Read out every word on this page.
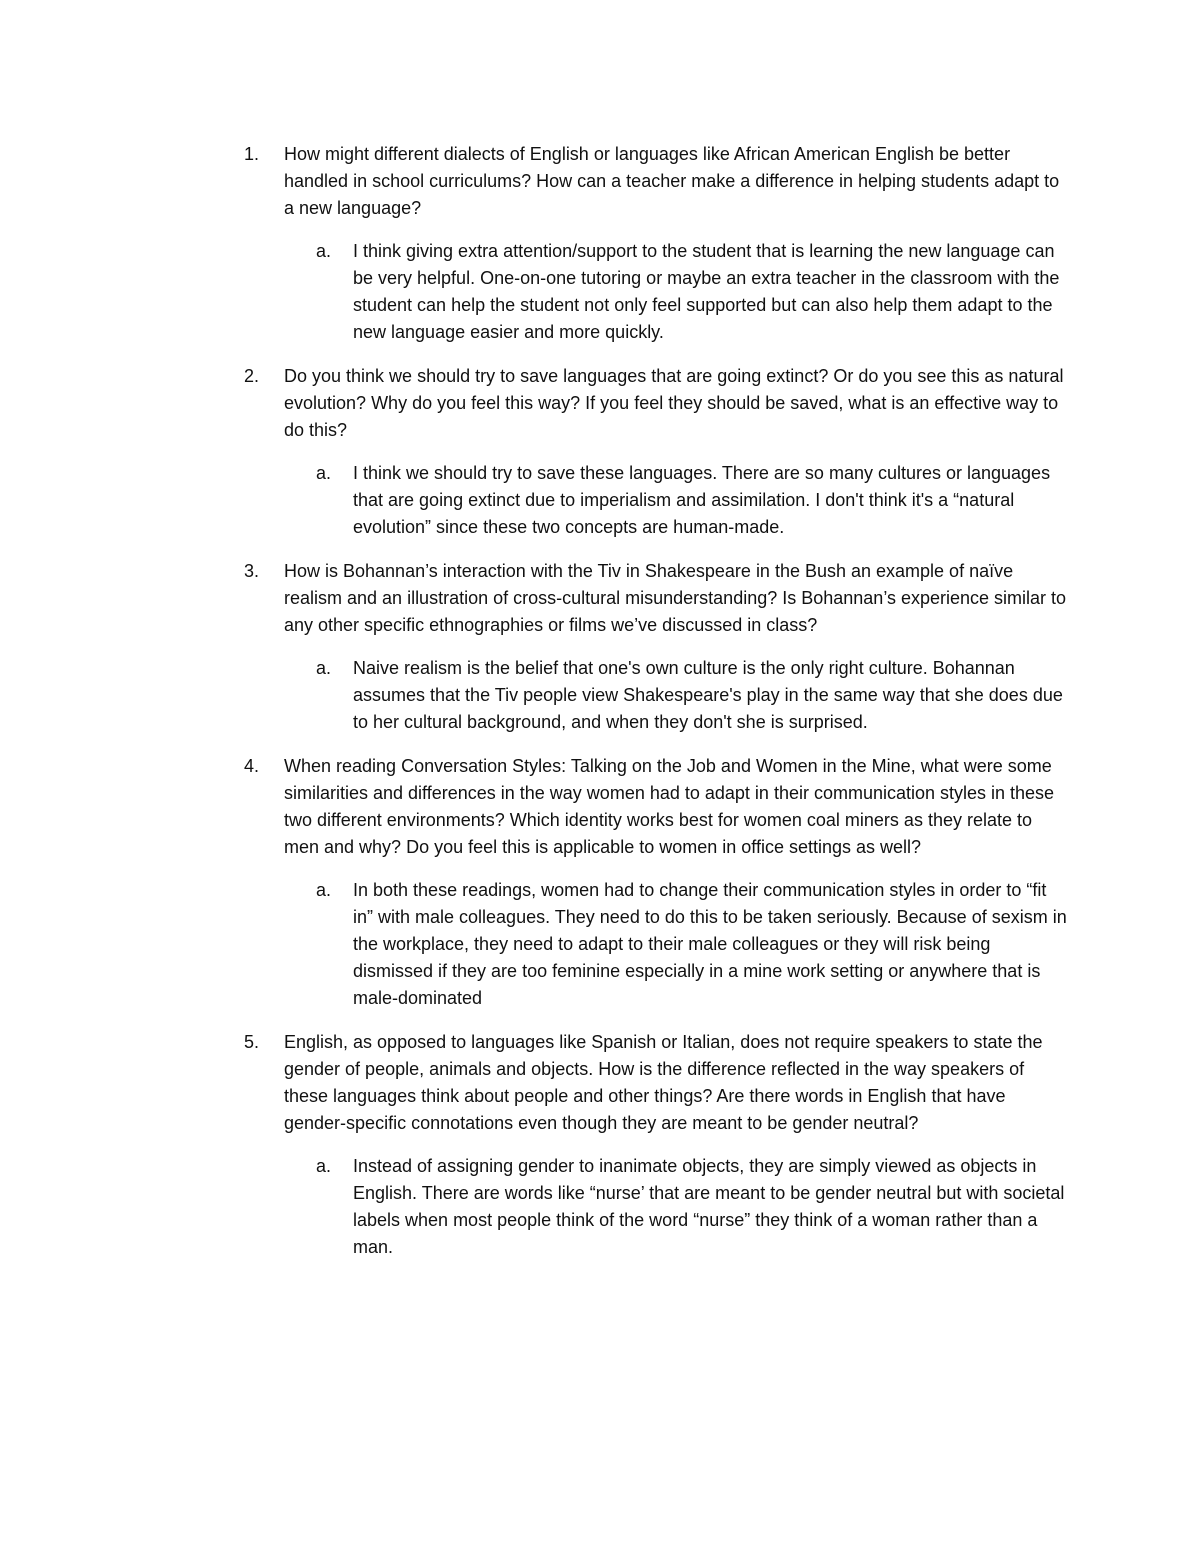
1. How might different dialects of English or languages like African American English be better handled in school curriculums? How can a teacher make a difference in helping students adapt to a new language?
a. I think giving extra attention/support to the student that is learning the new language can be very helpful. One-on-one tutoring or maybe an extra teacher in the classroom with the student can help the student not only feel supported but can also help them adapt to the new language easier and more quickly.
2. Do you think we should try to save languages that are going extinct? Or do you see this as natural evolution? Why do you feel this way? If you feel they should be saved, what is an effective way to do this?
a. I think we should try to save these languages. There are so many cultures or languages that are going extinct due to imperialism and assimilation. I don't think it's a “natural evolution” since these two concepts are human-made.
3. How is Bohannan’s interaction with the Tiv in Shakespeare in the Bush an example of naïve realism and an illustration of cross-cultural misunderstanding? Is Bohannan’s experience similar to any other specific ethnographies or films we’ve discussed in class?
a. Naive realism is the belief that one's own culture is the only right culture. Bohannan assumes that the Tiv people view Shakespeare's play in the same way that she does due to her cultural background, and when they don't she is surprised.
4. When reading Conversation Styles: Talking on the Job and Women in the Mine, what were some similarities and differences in the way women had to adapt in their communication styles in these two different environments? Which identity works best for women coal miners as they relate to men and why? Do you feel this is applicable to women in office settings as well?
a. In both these readings, women had to change their communication styles in order to “fit in” with male colleagues. They need to do this to be taken seriously. Because of sexism in the workplace, they need to adapt to their male colleagues or they will risk being dismissed if they are too feminine especially in a mine work setting or anywhere that is male-dominated
5. English, as opposed to languages like Spanish or Italian, does not require speakers to state the gender of people, animals and objects. How is the difference reflected in the way speakers of these languages think about people and other things? Are there words in English that have gender-specific connotations even though they are meant to be gender neutral?
a. Instead of assigning gender to inanimate objects, they are simply viewed as objects in English. There are words like “nurse’ that are meant to be gender neutral but with societal labels when most people think of the word “nurse” they think of a woman rather than a man.
